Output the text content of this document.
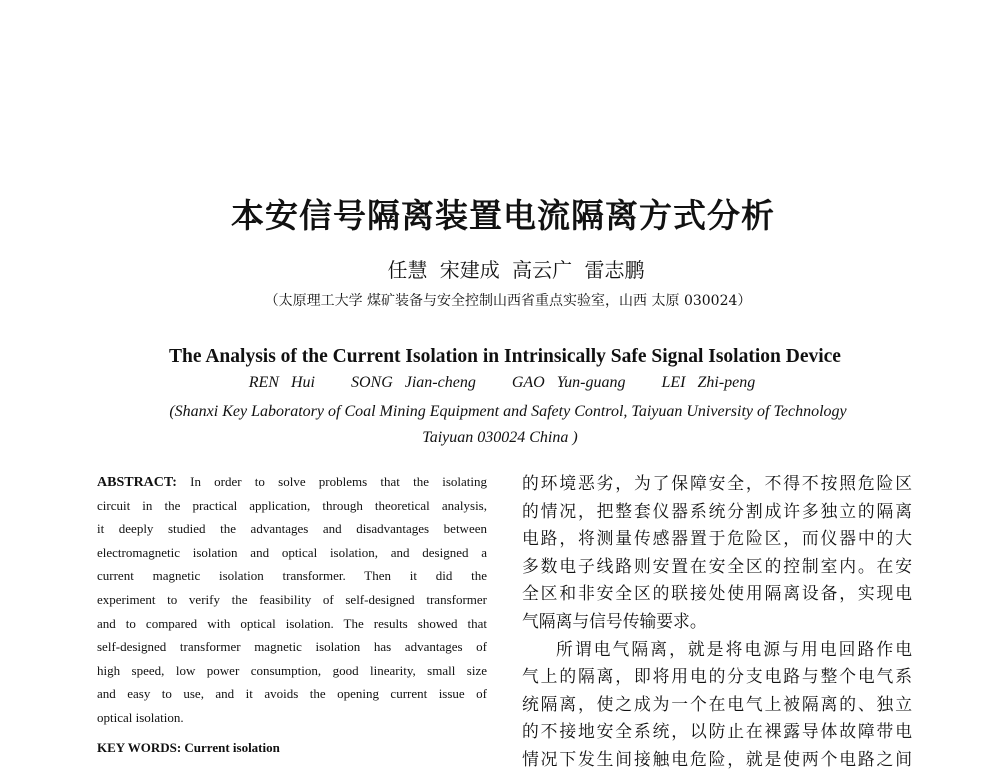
本安信号隔离装置电流隔离方式分析
任慧 宋建成 高云广 雷志鹏
（太原理工大学 煤矿装备与安全控制山西省重点实验室，山西 太原 030024）
The Analysis of the Current Isolation in Intrinsically Safe Signal Isolation Device
REN Hui   SONG Jian-cheng   GAO Yun-guang   LEI Zhi-peng
(Shanxi Key Laboratory of Coal Mining Equipment and Safety Control, Taiyuan University of Technology
Taiyuan 030024 China )
ABSTRACT: In order to solve problems that the isolating
circuit in the practical application, through theoretical analysis,
it deeply studied the advantages and disadvantages between
electromagnetic isolation and optical isolation, and designed a
current magnetic isolation transformer. Then it did the
experiment to verify the feasibility of self-designed transformer
and to compared with optical isolation. The results showed that
self-designed transformer magnetic isolation has advantages of
high speed, low power consumption, good linearity, small size
and easy to use, and it avoids the opening current issue of
optical isolation.
KEY WORDS: Current isolation
的环境恶劣，为了保障安全，不得不按照危险区
的情况，把整套仪器系统分割成许多独立的隔离
电路，将测量传感器置于危险区，而仪器中的大
多数电子线路则安置在安全区的控制室内。在安
全区和非安全区的联接处使用隔离设备，实现电
气隔离与信号传输要求。
所谓电气隔离，就是将电源与用电回路作电
气上的隔离，即将用电的分支电路与整个电气系
统隔离，使之成为一个在电气上被隔离的、独立
的不接地安全系统，以防止在裸露导体故障带电
情况下发生间接触电危险，就是使两个电路之间
